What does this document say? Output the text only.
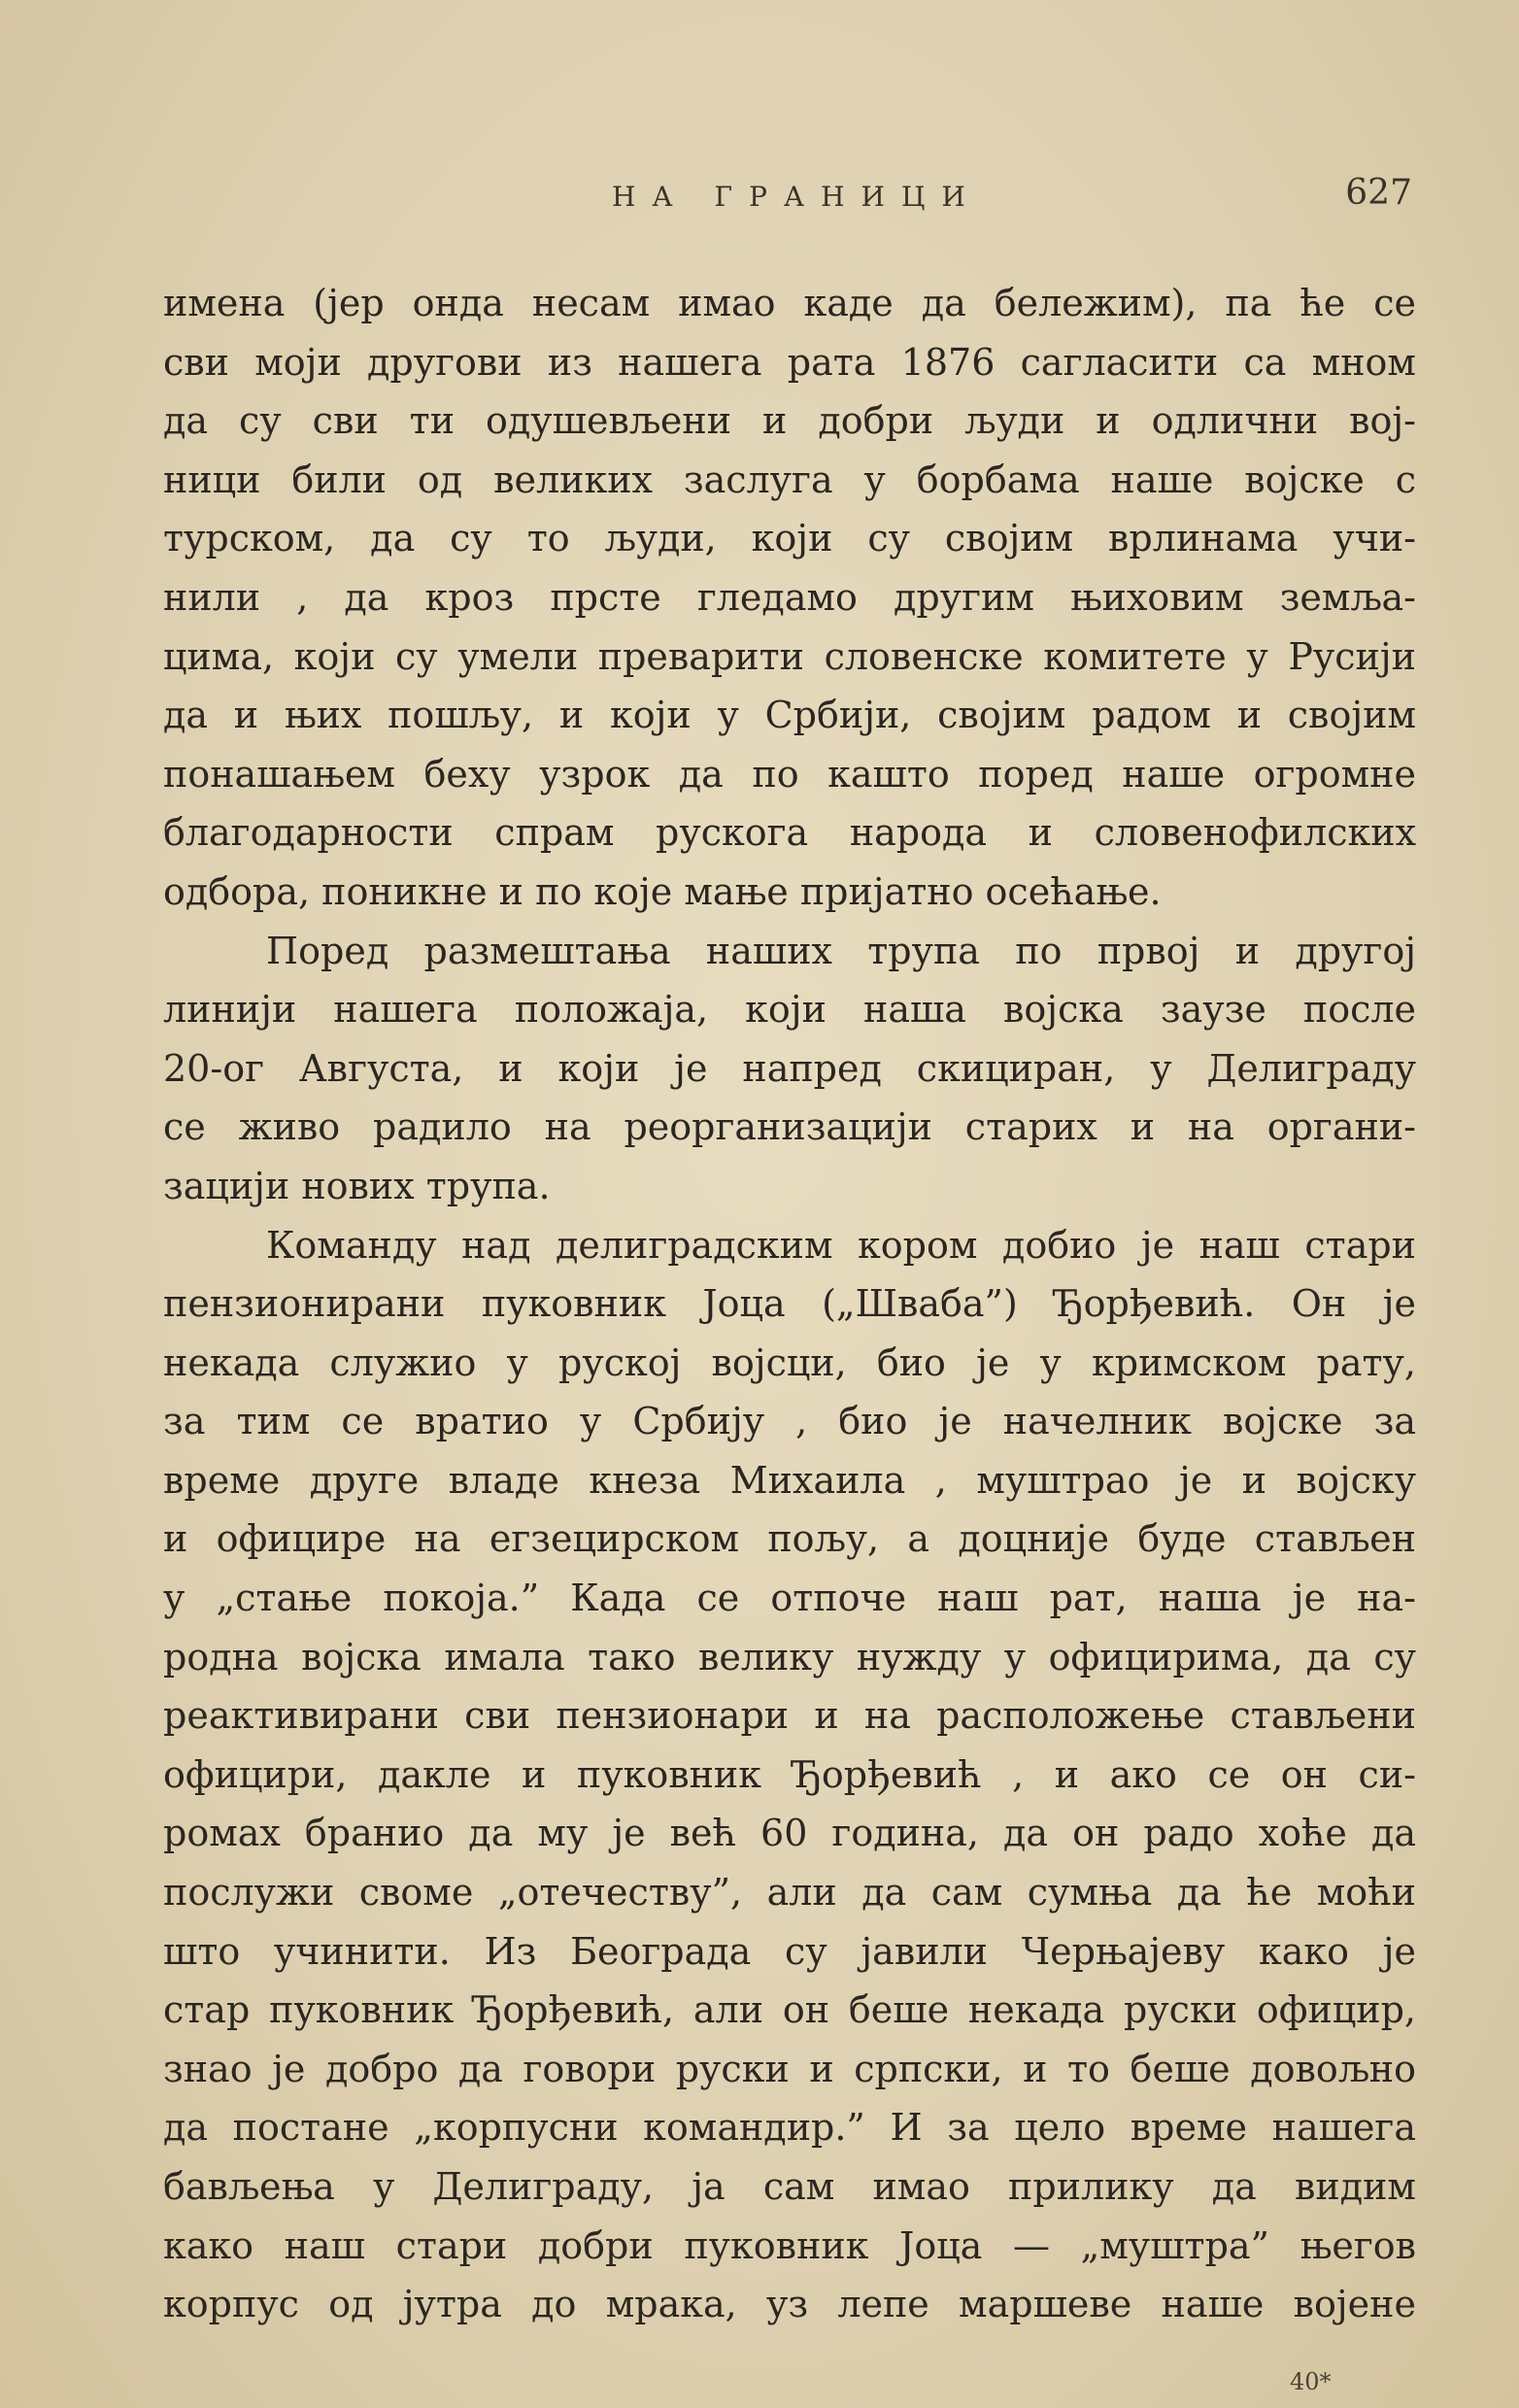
НА ГРАНИЦИ	627
имена (јер онда несам имао каде да бележим), па ће се
сви моји другови из нашега рата 1876 сагласити са мном
да су сви ти одушевљени и добри људи и одлични вој-
ници били од великих заслуга у борбама наше војске с
турском, да су то људи, који су својим врлинама учи-
нили , да кроз прсте гледамо другим њиховим земља-
цима, који су умели преварити словенске комитете у Русији
да и њих пошљу, и који у Србији, својим радом и својим
понашањем беху узрок да по кашто поред наше огромне
благодарности спрам рускога народа и словенофилских
одбора, поникне и по које мање пријатно осећање.
Поред размештања наших трупа по првој и другој
линији нашега положаја, који наша војска заузе после
20-ог Августа, и који је напред скициран, у Делиграду
се живо радило на реорганизацији старих и на органи-
зацији нових трупа.
Команду над делиградским кором добио је наш стари
пензионирани пуковник Јоца („Шваба”) Ђорђевић. Он је
некада служио у руској војсци, био је у кримском рату,
за тим се вратио у Србију , био је начелник војске за
време друге владе кнеза Михаила , муштрао је и војску
и официре на егзецирском пољу, а доцније буде стављен
у „стање покоја.” Када се отпоче наш рат, наша је на-
родна војска имала тако велику нужду у официрима, да су
реактивирани сви пензионари и на расположење стављени
официри, дакле и пуковник Ђорђевић , и ако се он си-
ромах бранио да му је већ 60 година, да он радо хоће да
послужи своме „отечеству”, али да сам сумња да ће моћи
што учинити. Из Београда су јавили Черњајеву како је
стар пуковник Ђорђевић, али он беше некада руски официр,
знао је добро да говори руски и српски, и то беше довољно
да постане „корпусни командир.” И за цело време нашега
бављења у Делиграду, ја сам имао прилику да видим
како наш стари добри пуковник Јоца — „муштра” његов
корпус од јутра до мрака, уз лепе маршеве наше војене
40*
